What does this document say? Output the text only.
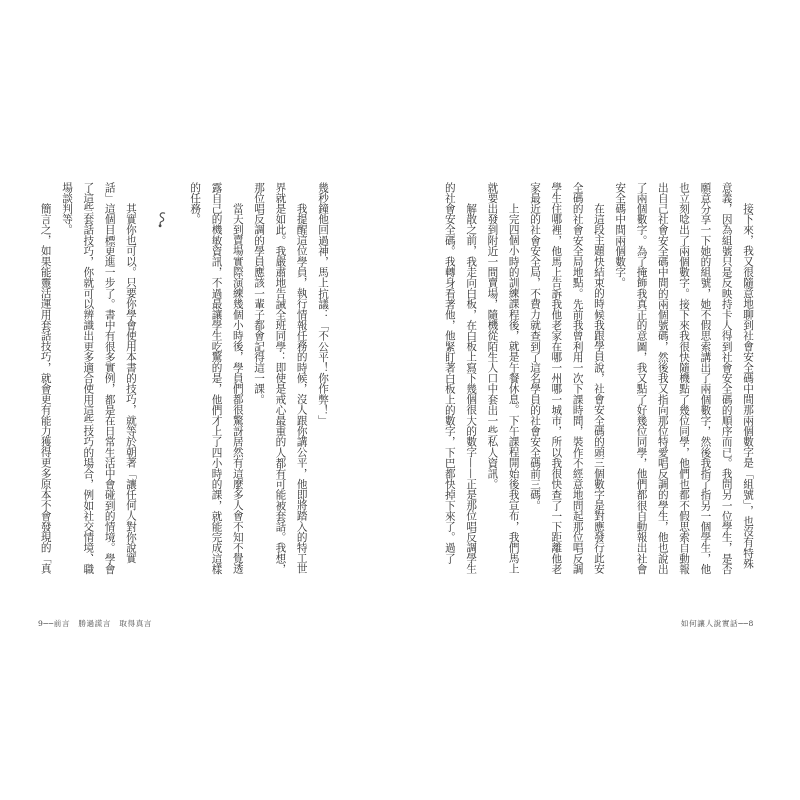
接下來，我又很隨意地聊到社會安全碼中間那兩個數字是「組號」，也沒有特殊意義，因為組號只是反映持卡人得到社會安全碼的順序而已。我問另一位學生，是否願意分享一下她的組號，她不假思索講出了兩個數字，然後我指了指另一個學生，他也立刻唸出了兩個數字。接下來我很快隨機點了幾位同學，他們也都不假思索自動報出自己社會安全碼中間的兩個號碼，然後我又指向那位特愛唱反調的學生，他也說出了兩個數字。為了掩飾我真正的意圖，我又點了好幾位同學，他們都很自動報出社會安全碼中間兩個數字。

在這段主題快結束的時候我跟學員說，社會安全碼的頭三個數字是對應發行此安全碼的社會安全局地點。先前我曾利用一次下課時間，裝作不經意地問起那位唱反調學生住哪裡，他馬上告訴我他老家在哪一州哪一城市，所以我很快查了一下距離他老家最近的社會安全局，不費力就查到了這名學員的社會安全碼前三碼。

上完四個小時的訓練課程後，就是午餐休息。下午課程開始後我宣布，我們馬上就要出發到附近一間賣場，隨機從陌生人口中套出一些私人資訊。

解散之前，我走向白板，在白板上寫下幾個很大的數字——正是那位唱反調學生的社會安全碼。我轉身看著他，他緊盯著白板上的數字，下巴都快掉下來了。過了

幾秒鐘他回過神，馬上抗議：「不公平！你作弊！」

我提醒這位學員，執行情報任務的時候，沒人跟你講公平，他即將踏入的特工世界就是如此。我嚴肅地告誡全班同學：即使是戒心最重的人都有可能被套話。我想，那位唱反調的學員應該一輩子都會記得這一課。

當天到賣場實際演練幾個小時後，學員們都很驚訝居然有這麼多人會不知不覺透露自己的機敏資訊，不過最讓學生吃驚的是，他們才上了四小時的課，就能完成這樣的任務。

其實你也可以。只要你學會使用本書的技巧，就等於朝著「讓任何人對你說實話」這個目標更進一步了。書中有很多實例，都是在日常生活中會碰到的情境。學會了這些套話技巧，你就可以辨識出更多適合使用這些技巧的場合，例如社交情境、職場談判等。

簡言之，如果能靈活運用套話技巧，就會更有能力獲得更多原本不會發現的「真

9──前言　勝過謊言　取得真言	如何讓人說實話──8
